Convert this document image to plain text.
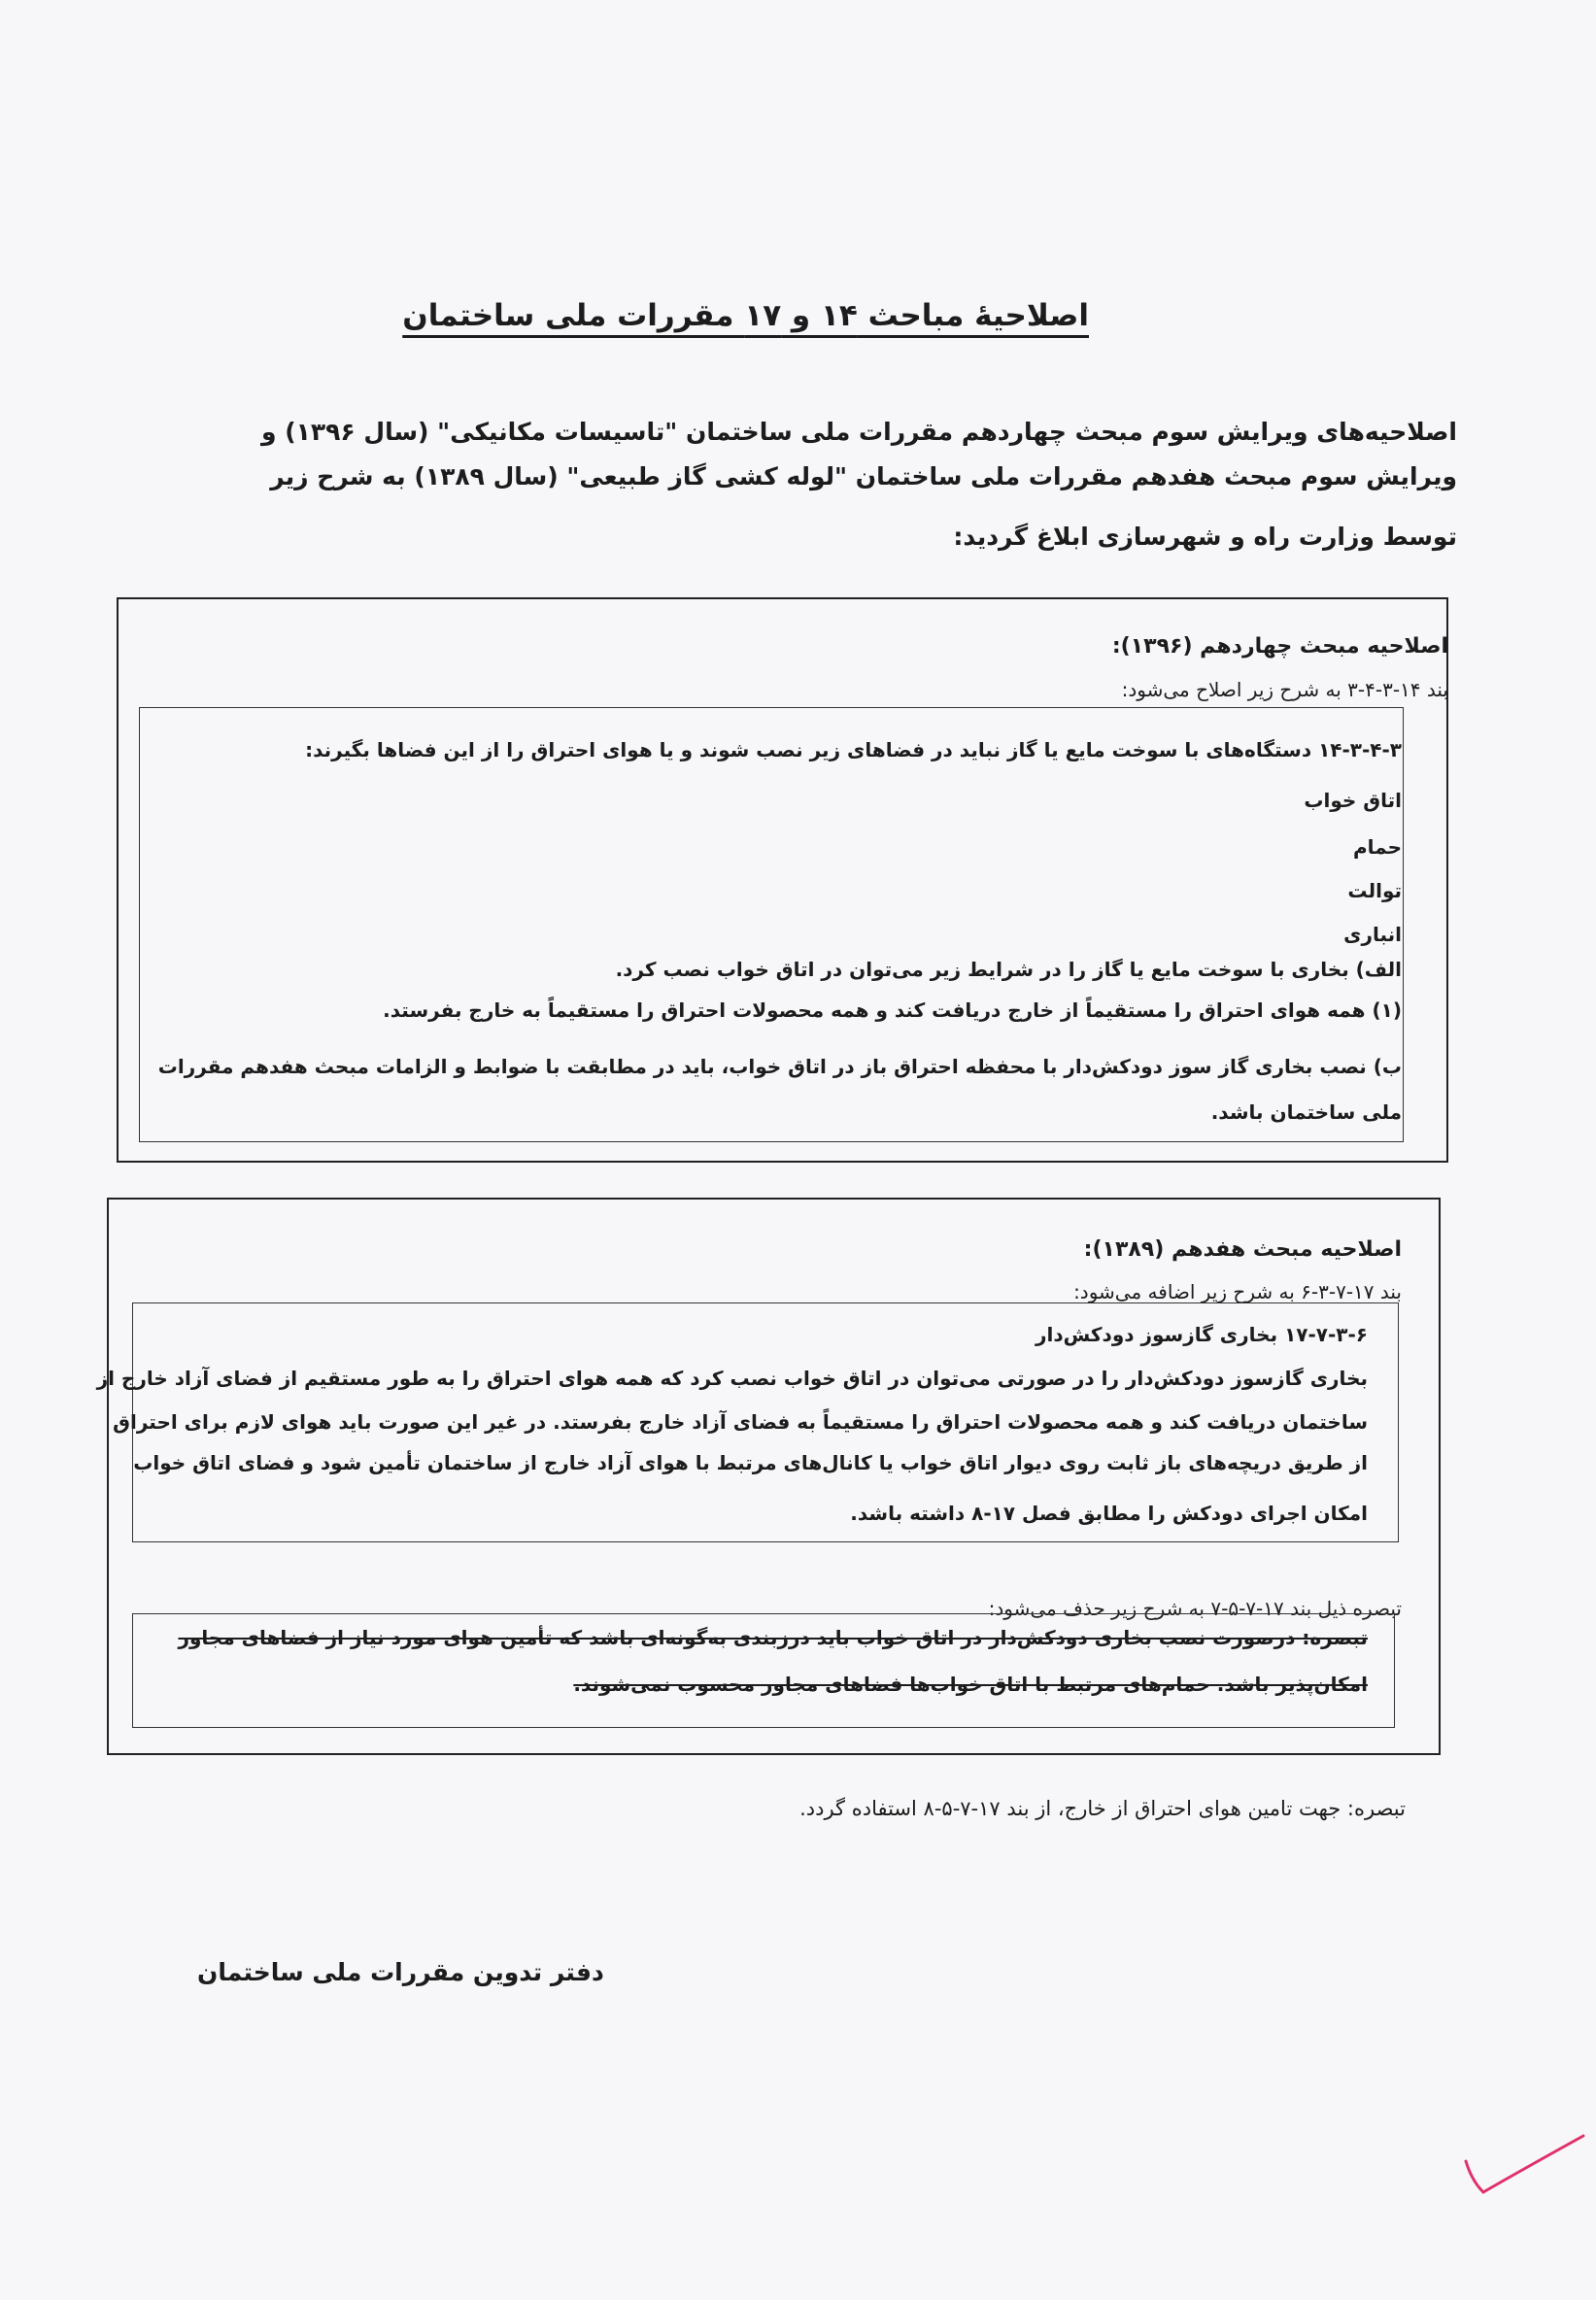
اصلاحیهٔ مباحث ۱۴ و ۱۷ مقررات ملی ساختمان
اصلاحیه‌های ویرایش سوم مبحث چهاردهم مقررات ملی ساختمان "تاسیسات مکانیکی" (سال ۱۳۹۶) و
ویرایش سوم مبحث هفدهم مقررات ملی ساختمان "لوله کشی گاز طبیعی" (سال ۱۳۸۹) به شرح زیر
توسط وزارت راه و شهرسازی ابلاغ گردید:
اصلاحیه مبحث چهاردهم (۱۳۹۶):
بند ۱۴-۳-۴-۳ به شرح زیر اصلاح می‌شود:
۱۴-۳-۴-۳ دستگاه‌های با سوخت مایع یا گاز نباید در فضاهای زیر نصب شوند و یا هوای احتراق را از این فضاها بگیرند:
اتاق خواب
حمام
توالت
انباری
الف) بخاری با سوخت مایع یا گاز را در شرایط زیر می‌توان در اتاق خواب نصب کرد.
(۱) همه هوای احتراق را مستقیماً از خارج دریافت کند و همه محصولات احتراق را مستقیماً به خارج بفرستد.
ب) نصب بخاری گاز سوز دودکش‌دار با محفظه احتراق باز در اتاق خواب، باید در مطابقت با ضوابط و الزامات مبحث هفدهم مقررات
ملی ساختمان باشد.
اصلاحیه مبحث هفدهم (۱۳۸۹):
بند ۱۷-۷-۳-۶ به شرح زیر اضافه می‌شود:
۱۷-۷-۳-۶ بخاری گازسوز دودکش‌دار
بخاری گازسوز دودکش‌دار را در صورتی می‌توان در اتاق خواب نصب کرد که همه هوای احتراق را به طور مستقیم از فضای آزاد خارج از
ساختمان دریافت کند و همه محصولات احتراق را مستقیماً به فضای آزاد خارج بفرستد. در غیر این صورت باید هوای لازم برای احتراق
از طریق دریچه‌های باز ثابت روی دیوار اتاق خواب یا کانال‌های مرتبط با هوای آزاد خارج از ساختمان تأمین شود و فضای اتاق خواب
امکان اجرای دودکش را مطابق فصل ۱۷-۸ داشته باشد.
تبصره ذیل بند ۱۷-۷-۵-۷ به شرح زیر حذف می‌شود:
تبصره: درصورت نصب بخاری دودکش‌دار در اتاق خواب باید درزبندی به‌گونه‌ای باشد که تأمین هوای مورد نیاز از فضاهای مجاور
امکان‌پذیر باشد. حمام‌های مرتبط با اتاق خواب‌ها فضاهای مجاور محسوب نمی‌شوند.
تبصره: جهت تامین هوای احتراق از خارج، از بند ۱۷-۷-۵-۸ استفاده گردد.
دفتر تدوین مقررات ملی ساختمان
